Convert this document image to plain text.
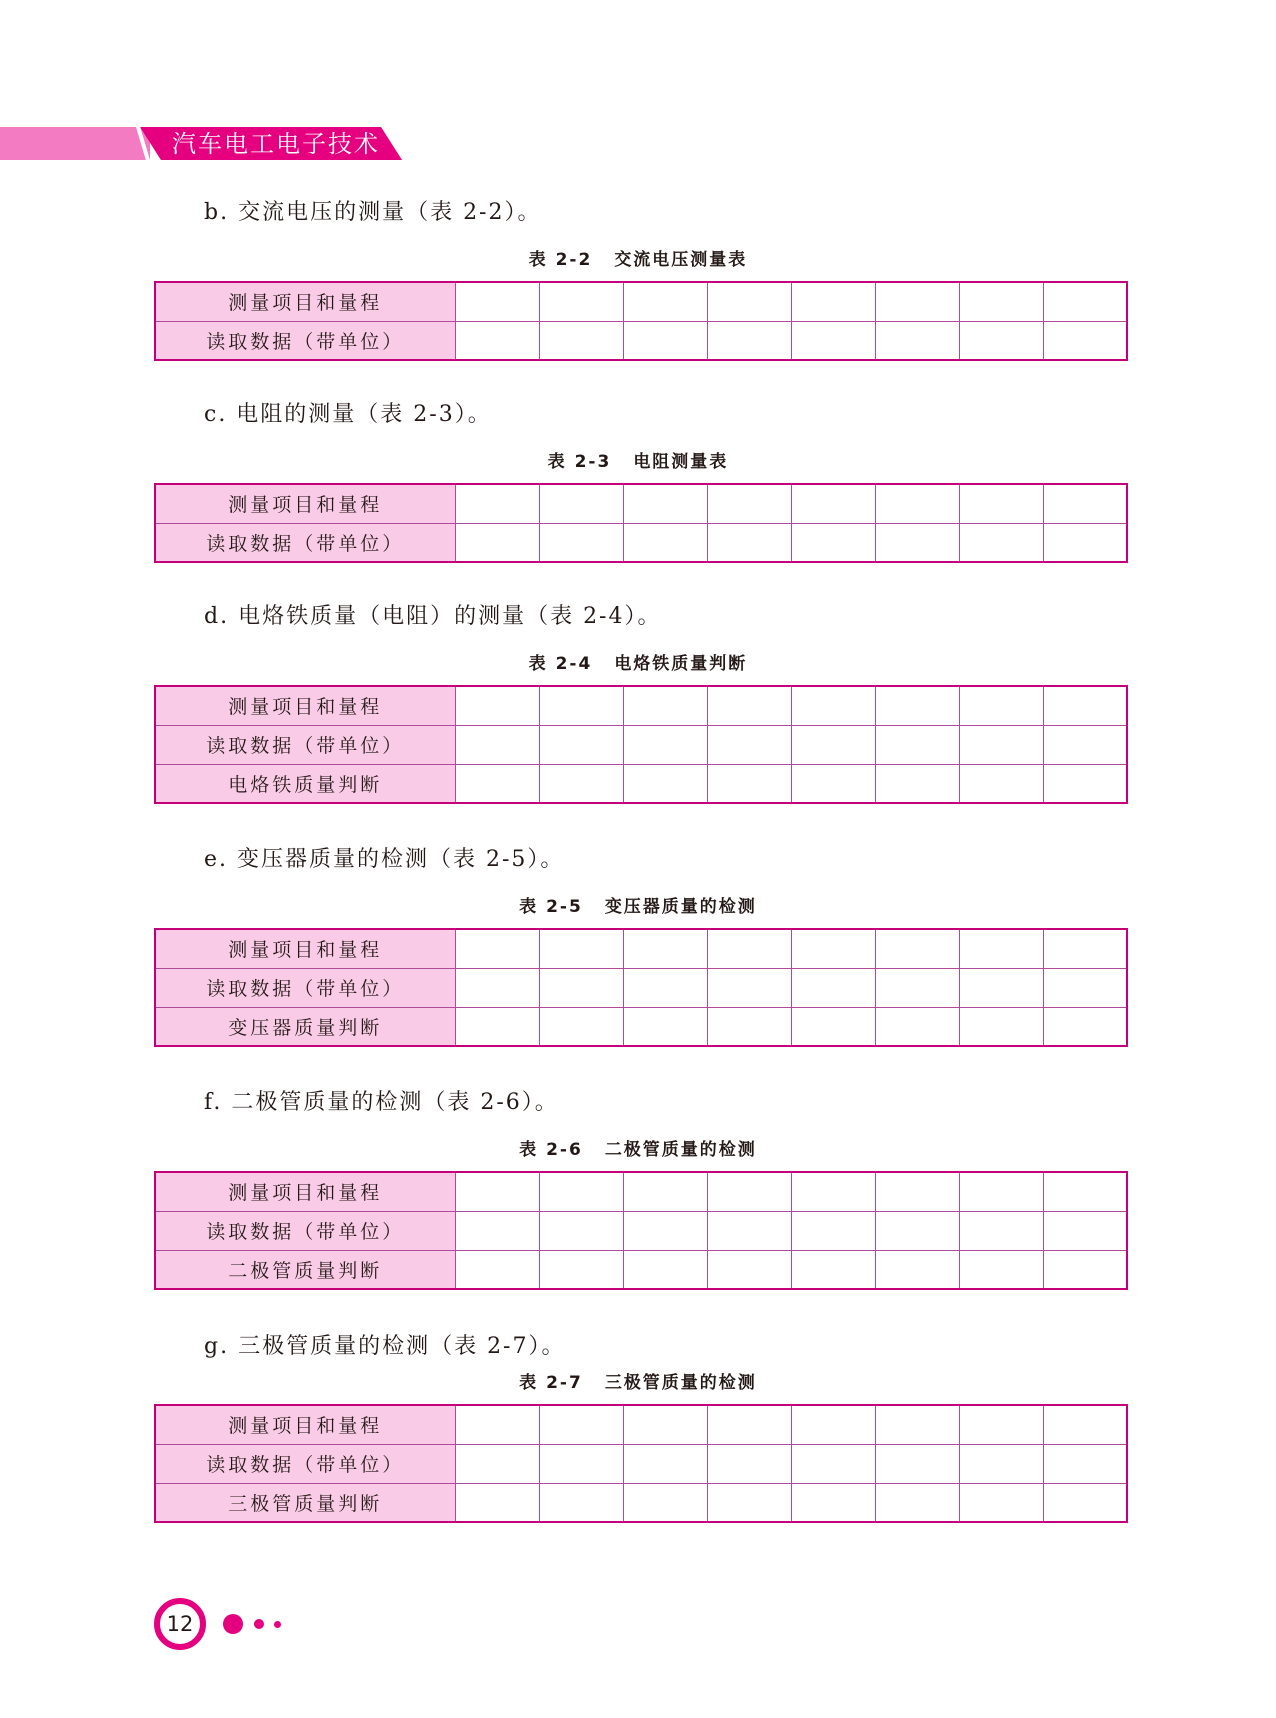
汽车电工电子技术
b. 交流电压的测量（表 2-2）。
表 2-2 交流电压测量表
测量项目和量程								
读取数据（带单位）								
c. 电阻的测量（表 2-3）。
表 2-3 电阻测量表
测量项目和量程								
读取数据（带单位）								
d. 电烙铁质量（电阻）的测量（表 2-4）。
表 2-4 电烙铁质量判断
测量项目和量程								
读取数据（带单位）								
电烙铁质量判断								
e. 变压器质量的检测（表 2-5）。
表 2-5 变压器质量的检测
测量项目和量程								
读取数据（带单位）								
变压器质量判断								
f. 二极管质量的检测（表 2-6）。
表 2-6 二极管质量的检测
测量项目和量程								
读取数据（带单位）								
二极管质量判断								
g. 三极管质量的检测（表 2-7）。
表 2-7 三极管质量的检测
测量项目和量程								
读取数据（带单位）								
三极管质量判断								
12
